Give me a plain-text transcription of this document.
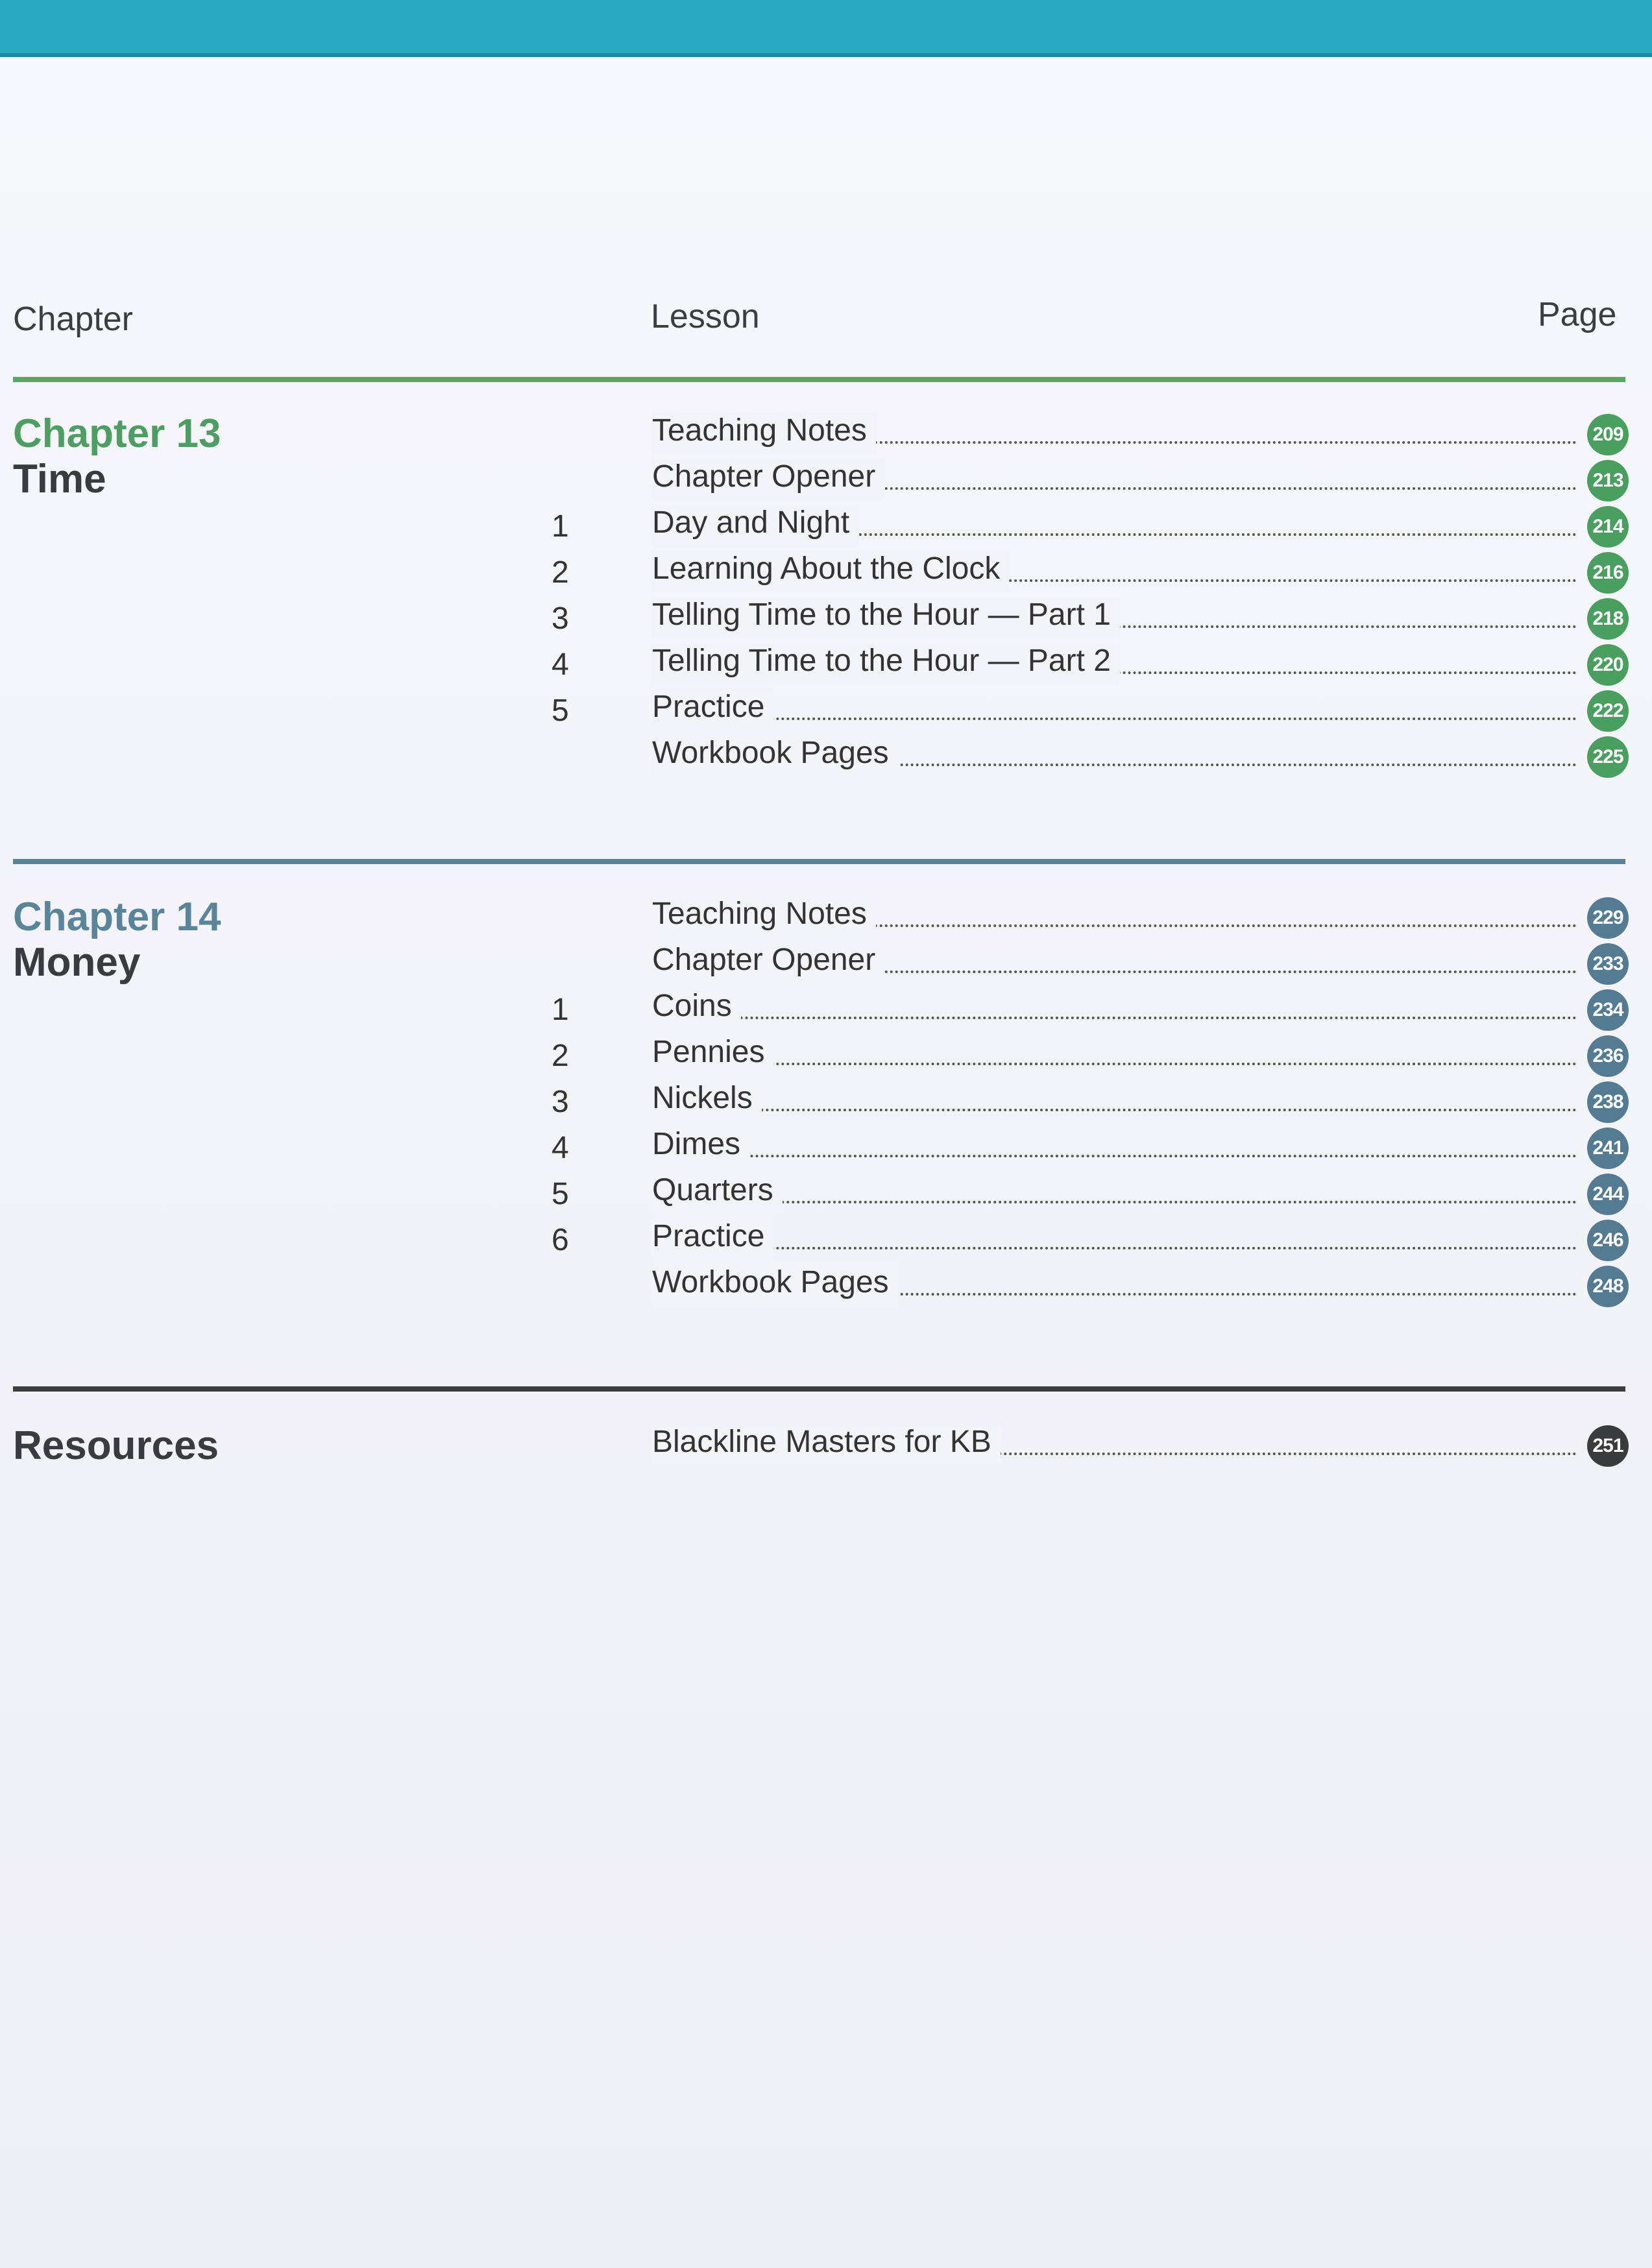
Chapter	Lesson	Page
Chapter 13
Time
Teaching Notes	209
Chapter Opener	213
1	Day and Night	214
2	Learning About the Clock	216
3	Telling Time to the Hour — Part 1	218
4	Telling Time to the Hour — Part 2	220
5	Practice	222
Workbook Pages	225
Chapter 14
Money
Teaching Notes	229
Chapter Opener	233
1	Coins	234
2	Pennies	236
3	Nickels	238
4	Dimes	241
5	Quarters	244
6	Practice	246
Workbook Pages	248
Resources	Blackline Masters for KB	251
